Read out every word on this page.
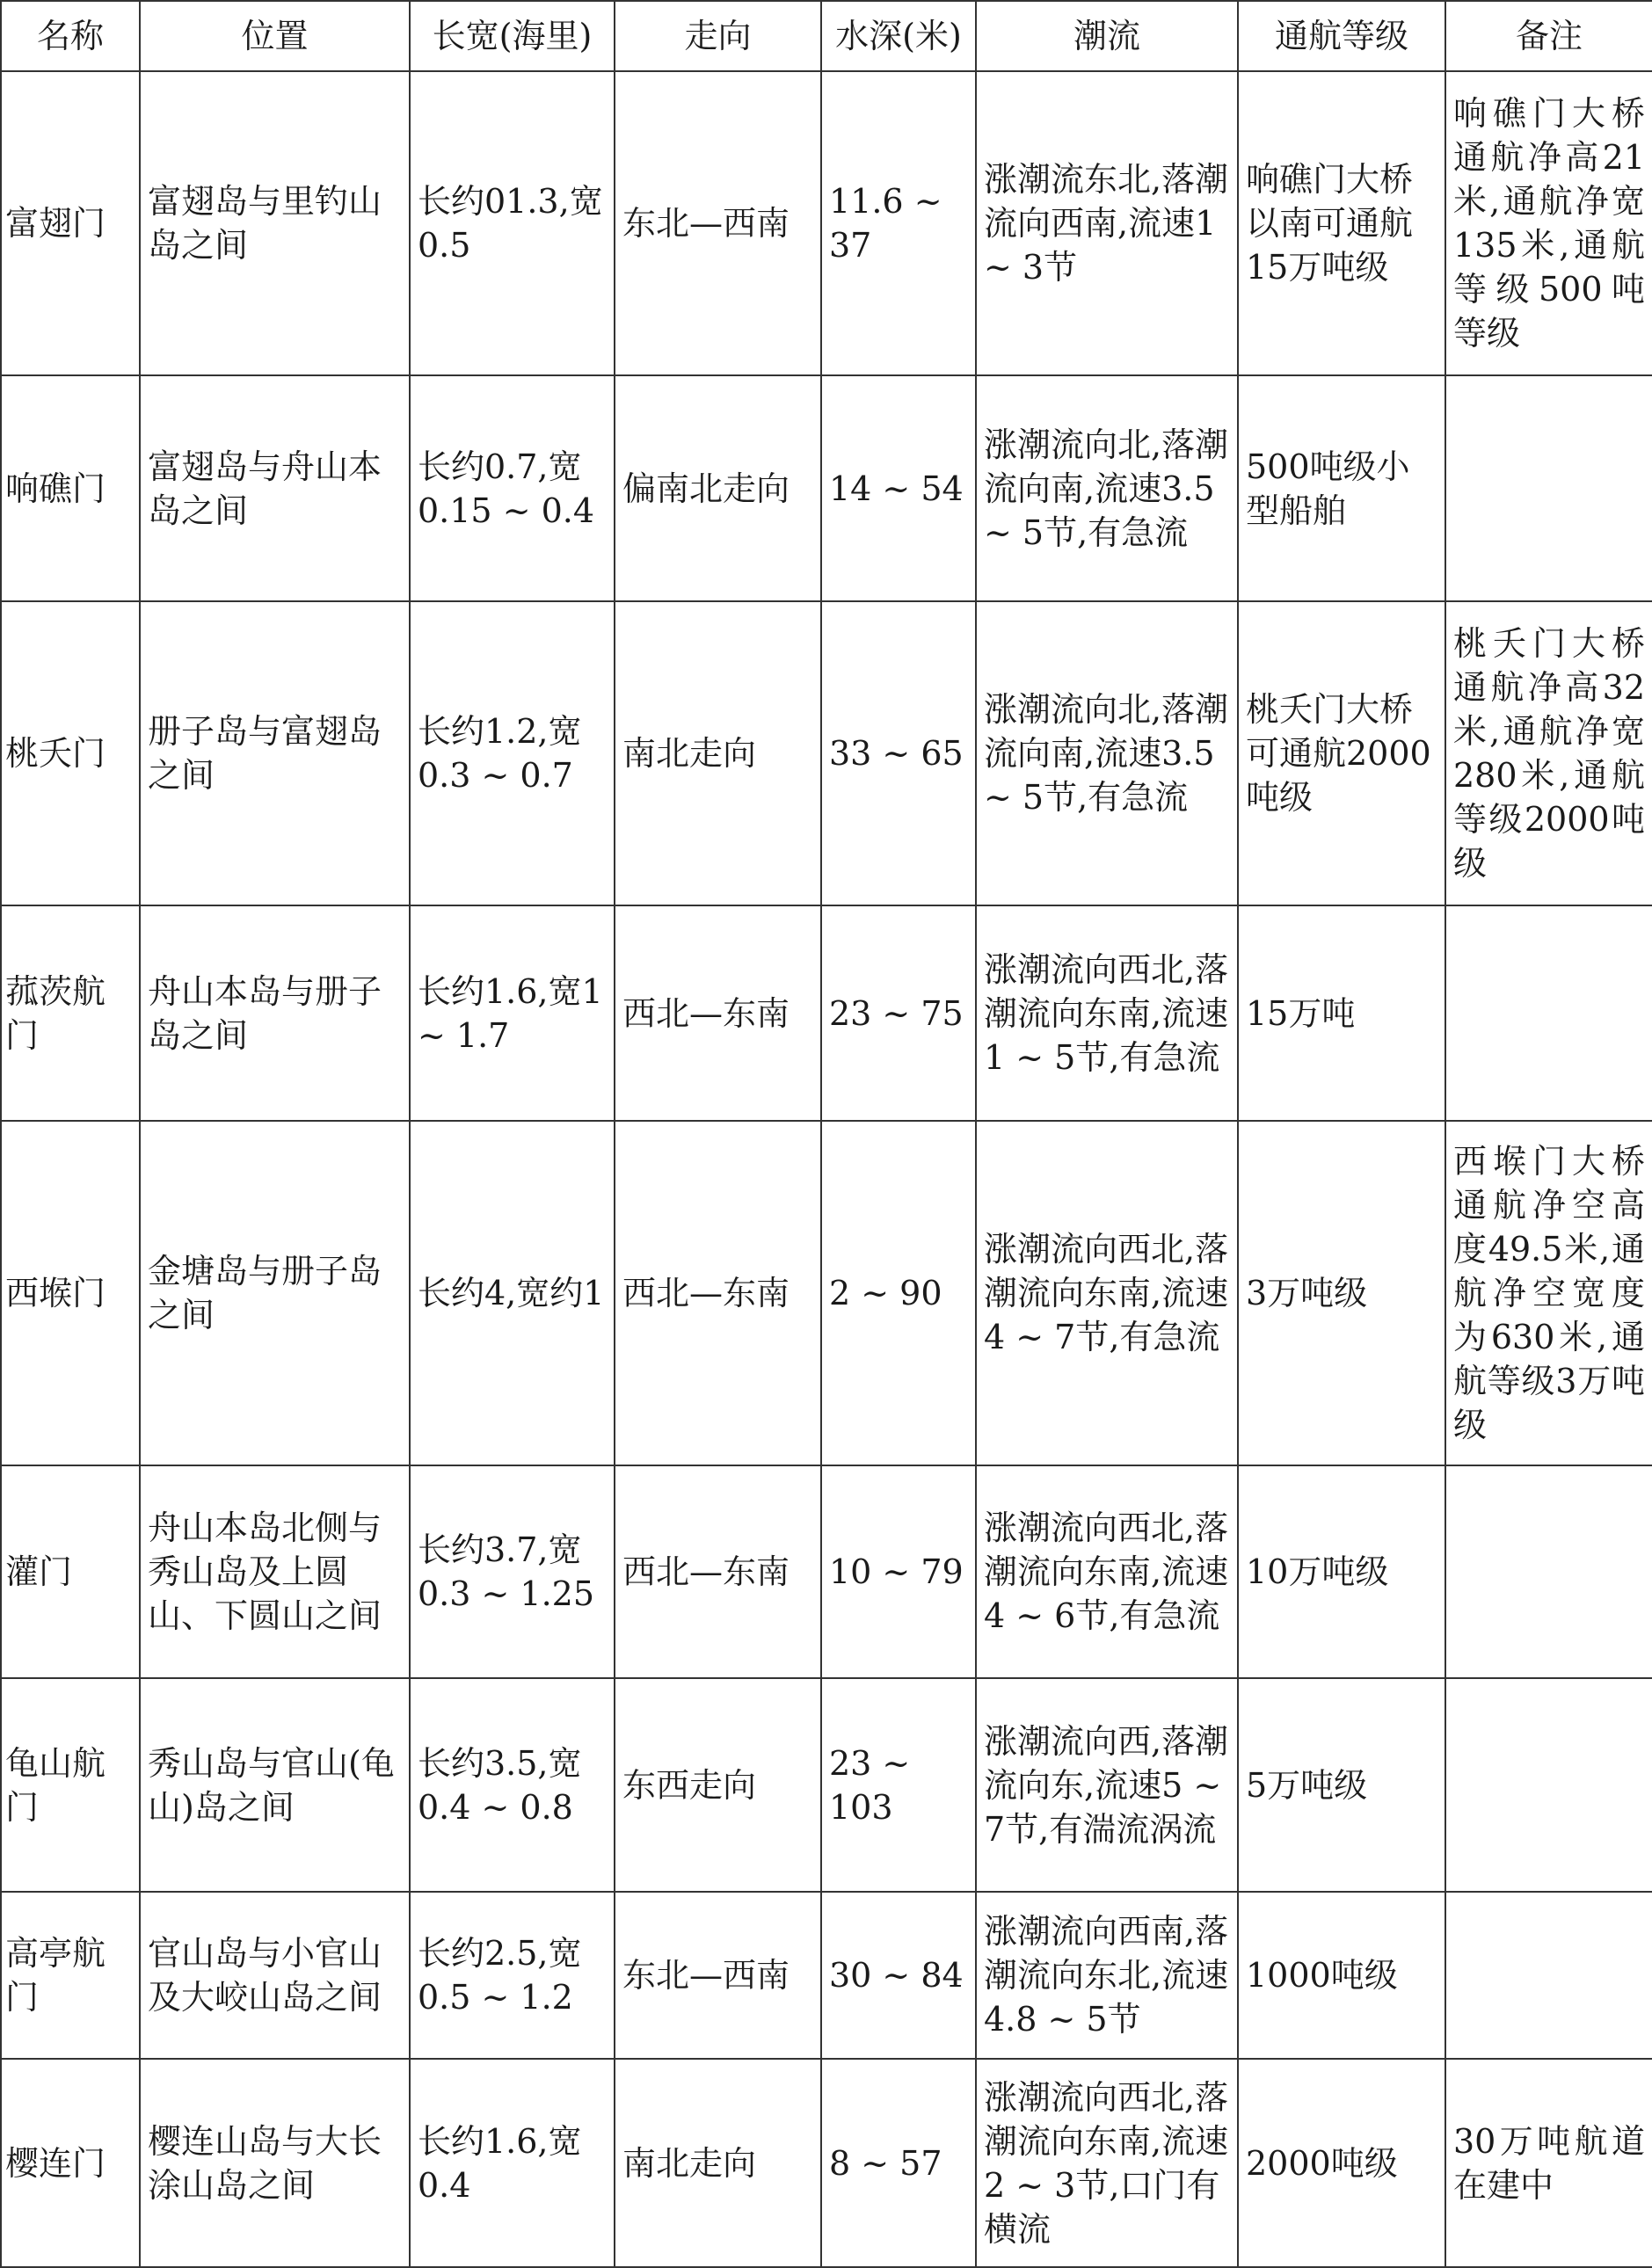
名称	位置	长宽(海里)	走向	水深(米)	潮流	通航等级	备注
富翅门	富翅岛与里钓山岛之间	长约01.3,宽0.5	东北—西南	11.6 ~ 37	涨潮流东北,落潮流向西南,流速1 ~ 3节	响礁门大桥以南可通航15万吨级	响礁门大桥通航净高21米,通航净宽135米,通航等级500吨等级
响礁门	富翅岛与舟山本岛之间	长约0.7,宽0.15 ~ 0.4	偏南北走向	14 ~ 54	涨潮流向北,落潮流向南,流速3.5 ~ 5节,有急流	500吨级小型船舶	
桃夭门	册子岛与富翅岛之间	长约1.2,宽0.3 ~ 0.7	南北走向	33 ~ 65	涨潮流向北,落潮流向南,流速3.5 ~ 5节,有急流	桃夭门大桥可通航2000吨级	桃夭门大桥通航净高32米,通航净宽280米,通航等级2000吨级
菰茨航门	舟山本岛与册子岛之间	长约1.6,宽1 ~ 1.7	西北—东南	23 ~ 75	涨潮流向西北,落潮流向东南,流速1 ~ 5节,有急流	15万吨	
西堠门	金塘岛与册子岛之间	长约4,宽约1	西北—东南	2 ~ 90	涨潮流向西北,落潮流向东南,流速4 ~ 7节,有急流	3万吨级	西堠门大桥通航净空高度49.5米,通航净空宽度为630米,通航等级3万吨级
灌门	舟山本岛北侧与秀山岛及上圆山、下圆山之间	长约3.7,宽0.3 ~ 1.25	西北—东南	10 ~ 79	涨潮流向西北,落潮流向东南,流速4 ~ 6节,有急流	10万吨级	
龟山航门	秀山岛与官山(龟山)岛之间	长约3.5,宽0.4 ~ 0.8	东西走向	23 ~ 103	涨潮流向西,落潮流向东,流速5 ~ 7节,有湍流涡流	5万吨级	
高亭航门	官山岛与小官山及大峧山岛之间	长约2.5,宽0.5 ~ 1.2	东北—西南	30 ~ 84	涨潮流向西南,落潮流向东北,流速4.8 ~ 5节	1000吨级	
樱连门	樱连山岛与大长涂山岛之间	长约1.6,宽0.4	南北走向	8 ~ 57	涨潮流向西北,落潮流向东南,流速2 ~ 3节,口门有横流	2000吨级	30万吨航道在建中
